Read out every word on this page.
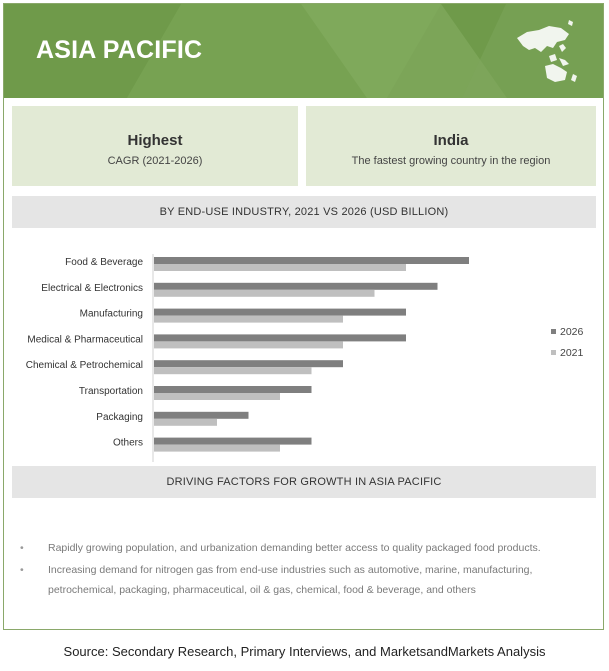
ASIA PACIFIC
Highest
CAGR (2021-2026)
India
The fastest growing country in the region
BY END-USE INDUSTRY, 2021 VS 2026 (USD BILLION)
Food & Beverage
Electrical & Electronics
Manufacturing
Medical & Pharmaceutical
Chemical & Petrochemical
Transportation
Packaging
Others
2026
2021
DRIVING FACTORS FOR GROWTH IN ASIA PACIFIC
• Rapidly growing population, and urbanization demanding better access to quality packaged food products.
• Increasing demand for nitrogen gas from end-use industries such as automotive, marine, manufacturing, petrochemical, packaging, pharmaceutical, oil & gas, chemical, food & beverage, and others
Source: Secondary Research, Primary Interviews, and MarketsandMarkets Analysis
